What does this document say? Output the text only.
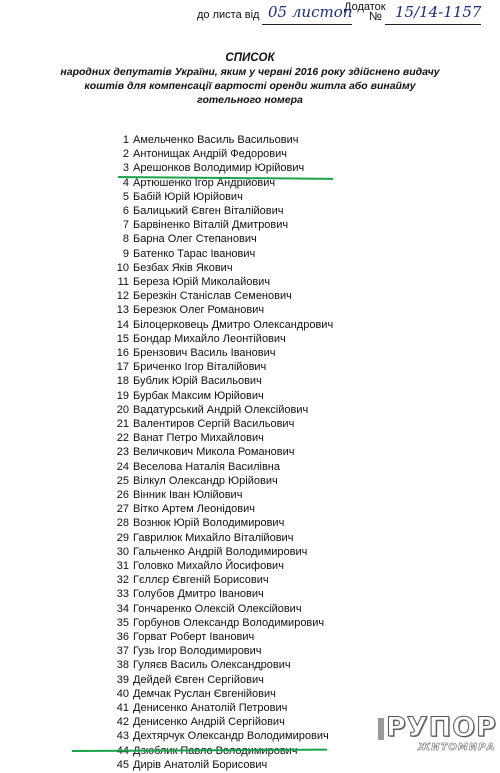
Додаток
до листа від 05 листоп № 15/14-1157
СПИСОК
народних депутатів України, яким у червні 2016 року здійснено видачу
коштів для компенсації вартості оренди житла або винайму
готельного номера
1 Амельченко Василь Васильович
2 Антонищак Андрій Федорович
3 Арешонков Володимир Юрійович
4 Артюшенко Ігор Андрійович
5 Бабій Юрій Юрійович
6 Балицький Євген Віталійович
7 Барвіненко Віталій Дмитрович
8 Барна Олег Степанович
9 Батенко Тарас Іванович
10 Безбах Яків Якович
11 Береза Юрій Миколайович
12 Березкін Станіслав Семенович
13 Березюк Олег Романович
14 Білоцерковець Дмитро Олександрович
15 Бондар Михайло Леонтійович
16 Брензович Василь Іванович
17 Бриченко Ігор Віталійович
18 Бублик Юрій Васильович
19 Бурбак Максим Юрійович
20 Вадатурський Андрій Олексійович
21 Валентиров Сергій Васильович
22 Ванат Петро Михайлович
23 Величкович Микола Романович
24 Веселова Наталія Василівна
25 Вілкул Олександр Юрійович
26 Вінник Іван Юлійович
27 Вітко Артем Леонідович
28 Вознюк Юрій Володимирович
29 Гаврилюк Михайло Віталійович
30 Гальченко Андрій Володимирович
31 Головко Михайло Йосифович
32 Гєллєр Євгеній Борисович
33 Голубов Дмитро Іванович
34 Гончаренко Олексій Олексійович
35 Горбунов Олександр Володимирович
36 Горват Роберт Іванович
37 Гузь Ігор Володимирович
38 Гуляєв Василь Олександрович
39 Дейдей Євген Сергійович
40 Демчак Руслан Євгенійович
41 Денисенко Анатолій Петрович
42 Денисенко Андрій Сергійович
43 Дехтярчук Олександр Володимирович
44 Дзюблик Павло Володимирович
45 Дирів Анатолій Борисович
РУПОР
ЖИТОМИРА
